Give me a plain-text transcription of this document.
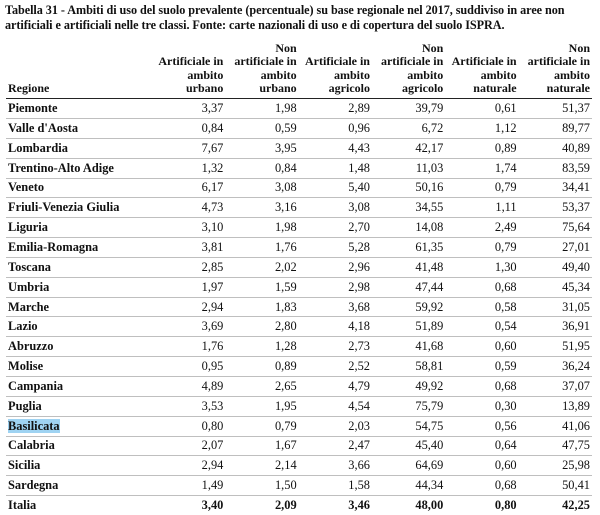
Tabella 31 - Ambiti di uso del suolo prevalente (percentuale) su base regionale nel 2017, suddiviso in aree non artificiali e artificiali nelle tre classi. Fonte: carte nazionali di uso e di copertura del suolo ISPRA.
Regione	Artificiale in ambito urbano	Non artificiale in ambito urbano	Artificiale in ambito agricolo	Non artificiale in ambito agricolo	Artificiale in ambito naturale	Non artificiale in ambito naturale
Piemonte	3,37	1,98	2,89	39,79	0,61	51,37
Valle d'Aosta	0,84	0,59	0,96	6,72	1,12	89,77
Lombardia	7,67	3,95	4,43	42,17	0,89	40,89
Trentino-Alto Adige	1,32	0,84	1,48	11,03	1,74	83,59
Veneto	6,17	3,08	5,40	50,16	0,79	34,41
Friuli-Venezia Giulia	4,73	3,16	3,08	34,55	1,11	53,37
Liguria	3,10	1,98	2,70	14,08	2,49	75,64
Emilia-Romagna	3,81	1,76	5,28	61,35	0,79	27,01
Toscana	2,85	2,02	2,96	41,48	1,30	49,40
Umbria	1,97	1,59	2,98	47,44	0,68	45,34
Marche	2,94	1,83	3,68	59,92	0,58	31,05
Lazio	3,69	2,80	4,18	51,89	0,54	36,91
Abruzzo	1,76	1,28	2,73	41,68	0,60	51,95
Molise	0,95	0,89	2,52	58,81	0,59	36,24
Campania	4,89	2,65	4,79	49,92	0,68	37,07
Puglia	3,53	1,95	4,54	75,79	0,30	13,89
Basilicata	0,80	0,79	2,03	54,75	0,56	41,06
Calabria	2,07	1,67	2,47	45,40	0,64	47,75
Sicilia	2,94	2,14	3,66	64,69	0,60	25,98
Sardegna	1,49	1,50	1,58	44,34	0,68	50,41
Italia	3,40	2,09	3,46	48,00	0,80	42,25
